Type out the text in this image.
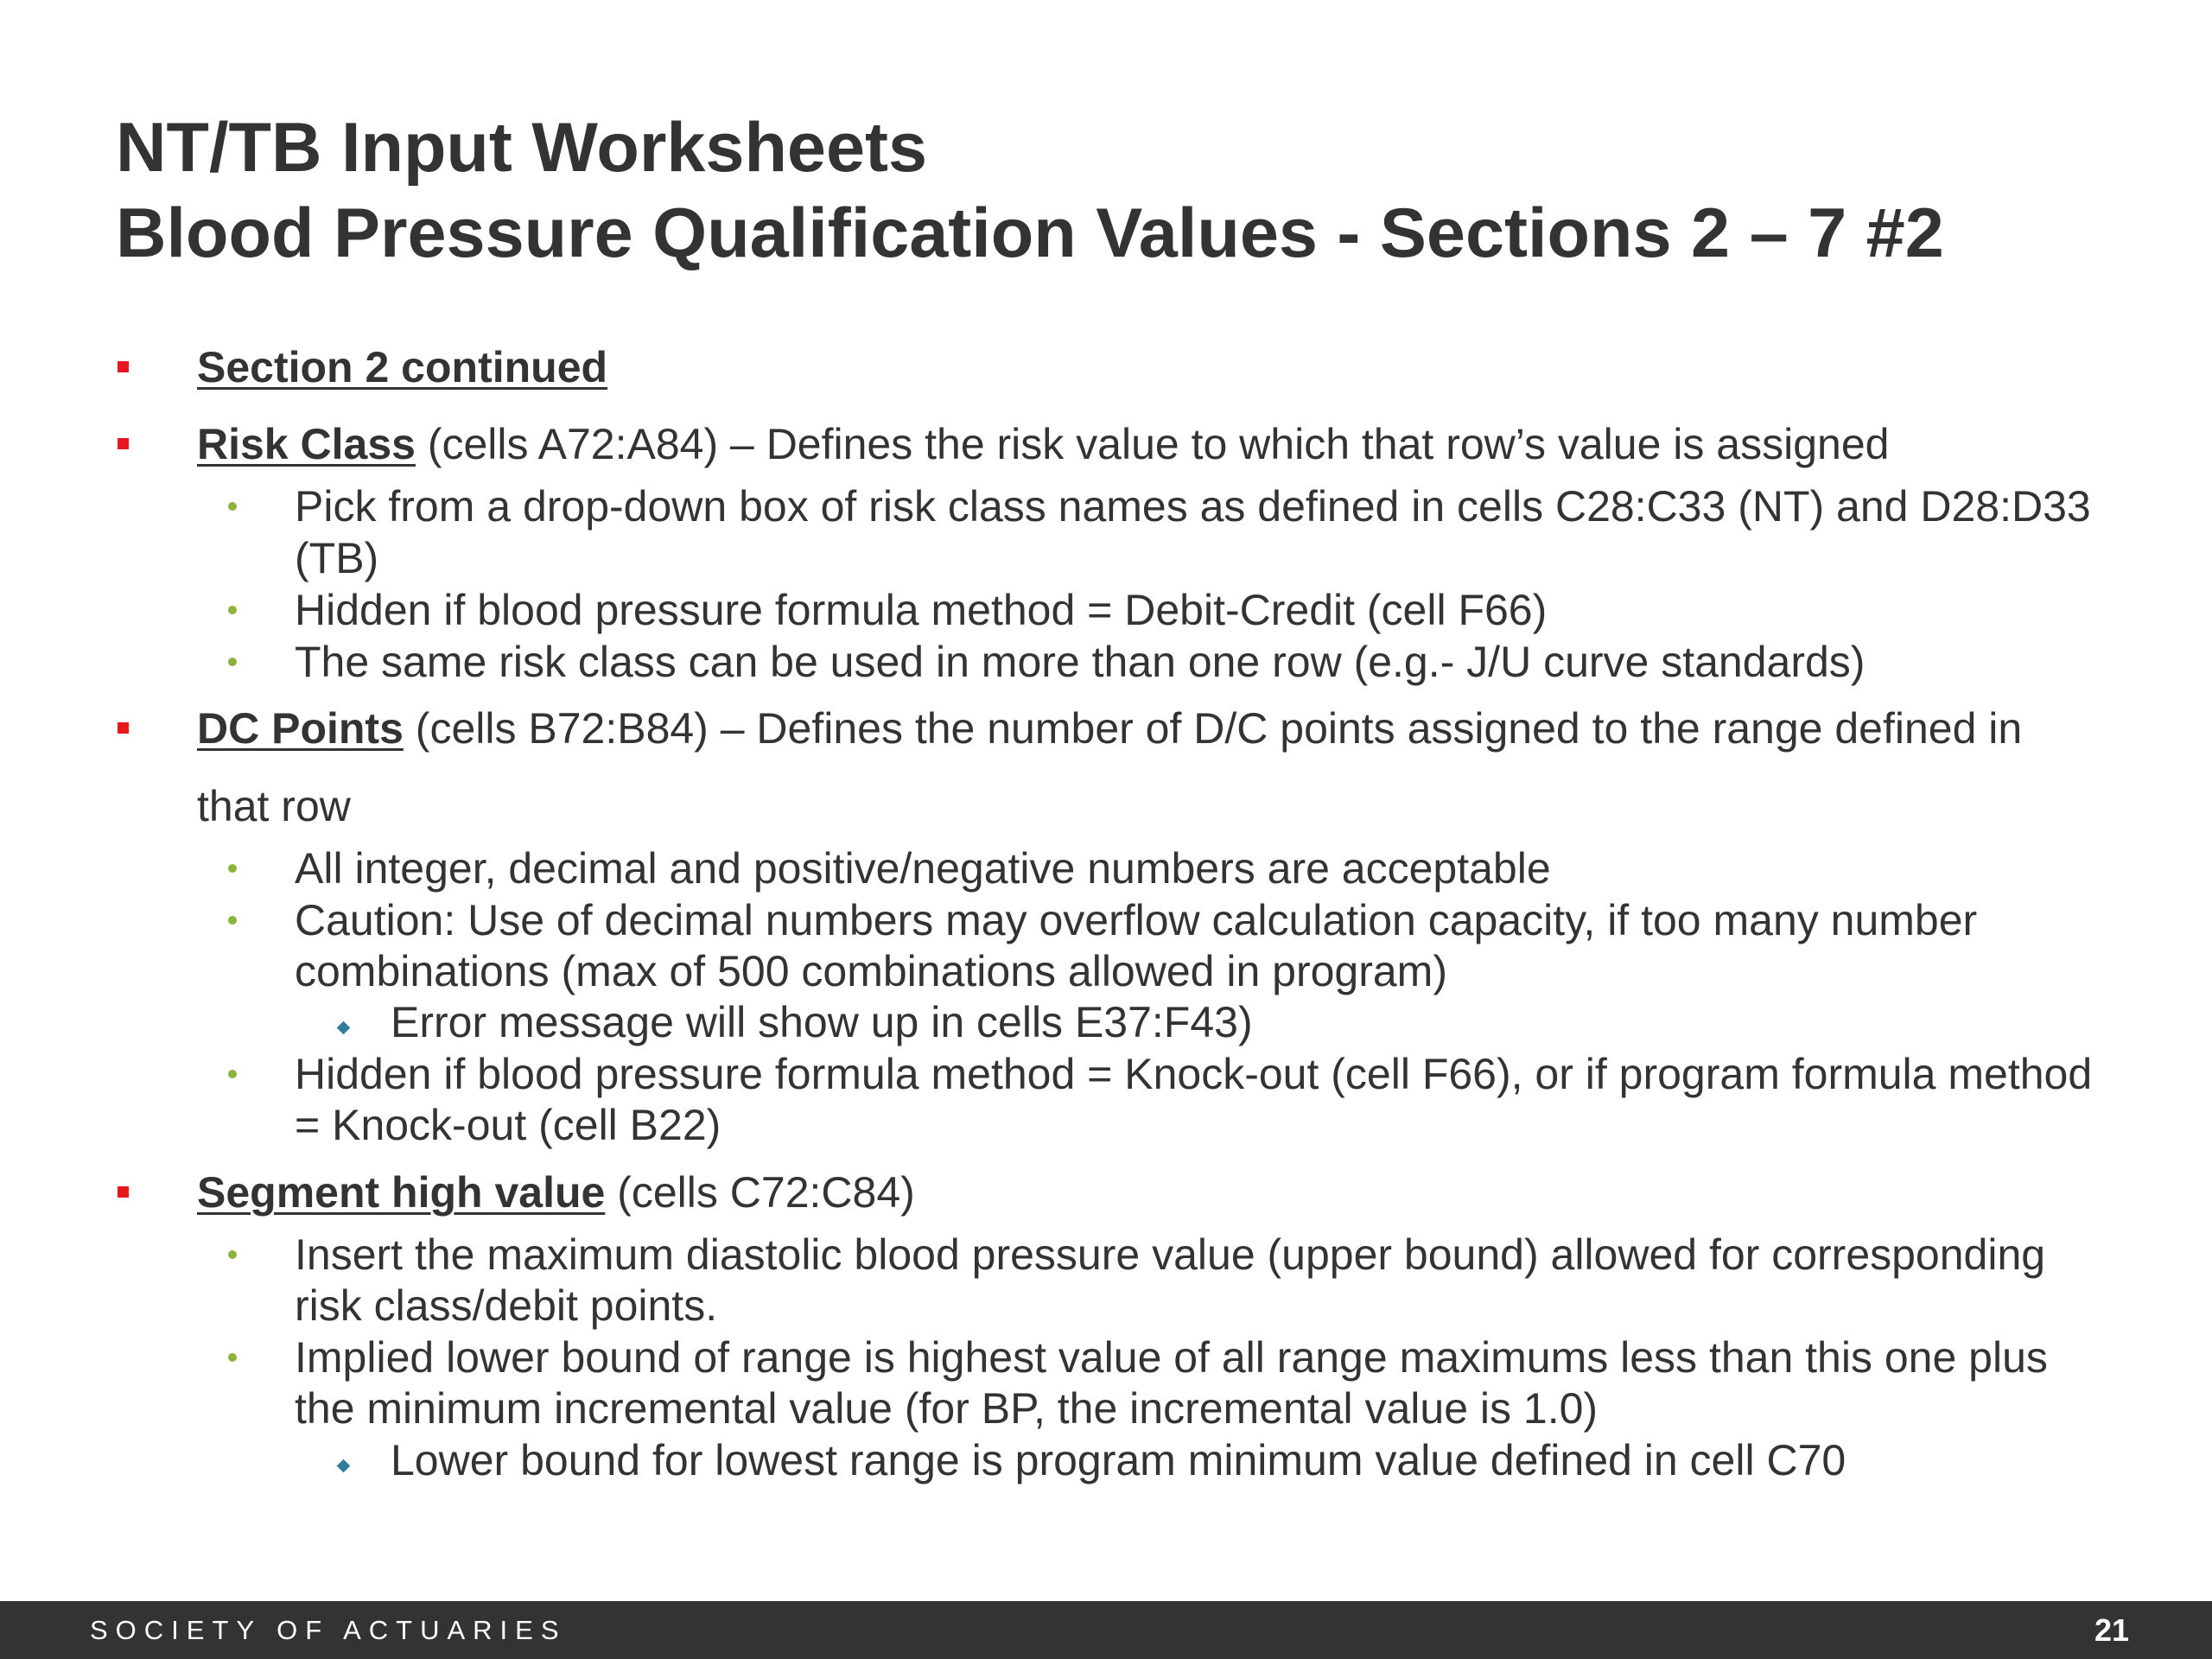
NT/TB Input Worksheets
Blood Pressure Qualification Values - Sections 2 – 7 #2
Section 2 continued
Risk Class (cells A72:A84) – Defines the risk value to which that row’s value is assigned
Pick from a drop-down box of risk class names as defined in cells C28:C33 (NT) and D28:D33
(TB)
Hidden if blood pressure formula method = Debit-Credit (cell F66)
The same risk class can be used in more than one row (e.g.- J/U curve standards)
DC Points (cells B72:B84) – Defines the number of D/C points assigned to the range defined in
that row
All integer, decimal and positive/negative numbers are acceptable
Caution: Use of decimal numbers may overflow calculation capacity, if too many number
combinations (max of 500 combinations allowed in program)
Error message will show up in cells E37:F43)
Hidden if blood pressure formula method = Knock-out (cell F66), or if program formula method
= Knock-out (cell B22)
Segment high value (cells C72:C84)
Insert the maximum diastolic blood pressure value (upper bound) allowed for corresponding
risk class/debit points.
Implied lower bound of range is highest value of all range maximums less than this one plus
the minimum incremental value (for BP, the incremental value is 1.0)
Lower bound for lowest range is program minimum value defined in cell C70
SOCIETY OF ACTUARIES	21
